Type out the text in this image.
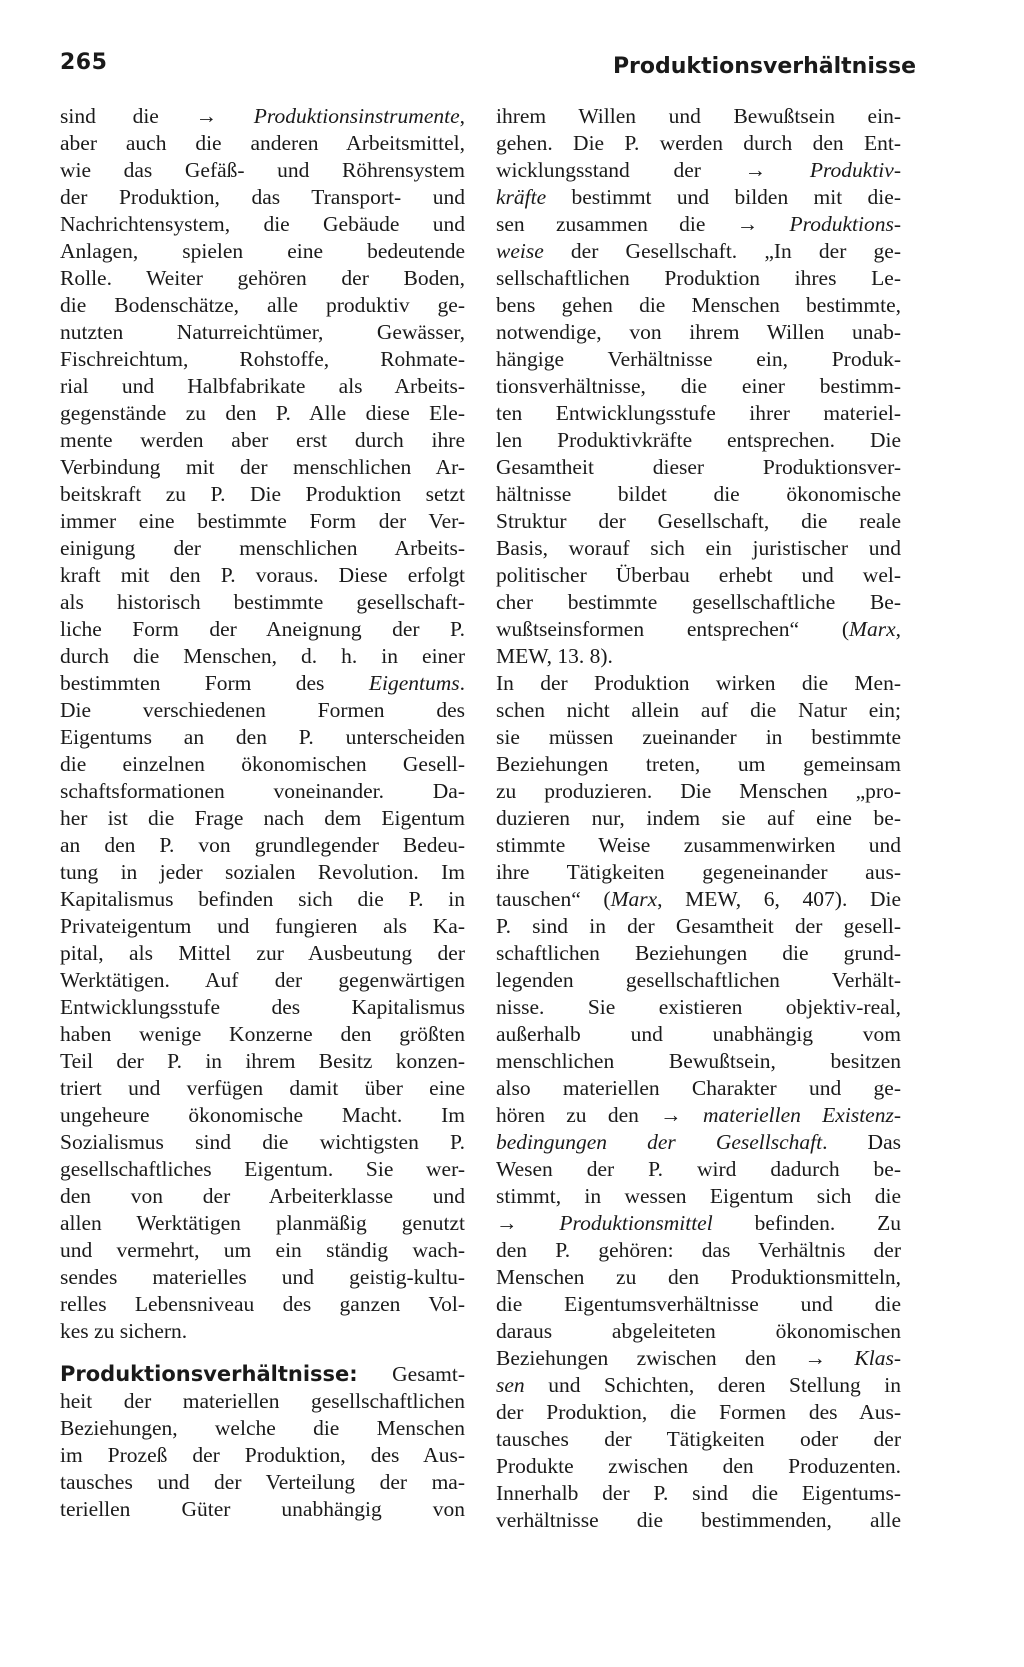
265	Produktionsverhältnisse
sind die → Produktionsinstrumente,
aber auch die anderen Arbeitsmittel,
wie das Gefäß- und Röhrensystem
der Produktion, das Transport- und
Nachrichtensystem, die Gebäude und
Anlagen, spielen eine bedeutende
Rolle. Weiter gehören der Boden,
die Bodenschätze, alle produktiv ge-
nutzten Naturreichtümer, Gewässer,
Fischreichtum, Rohstoffe, Rohmate-
rial und Halbfabrikate als Arbeits-
gegenstände zu den P. Alle diese Ele-
mente werden aber erst durch ihre
Verbindung mit der menschlichen Ar-
beitskraft zu P. Die Produktion setzt
immer eine bestimmte Form der Ver-
einigung der menschlichen Arbeits-
kraft mit den P. voraus. Diese erfolgt
als historisch bestimmte gesellschaft-
liche Form der Aneignung der P.
durch die Menschen, d. h. in einer
bestimmten Form des Eigentums.
Die verschiedenen Formen des
Eigentums an den P. unterscheiden
die einzelnen ökonomischen Gesell-
schaftsformationen voneinander. Da-
her ist die Frage nach dem Eigentum
an den P. von grundlegender Bedeu-
tung in jeder sozialen Revolution. Im
Kapitalismus befinden sich die P. in
Privateigentum und fungieren als Ka-
pital, als Mittel zur Ausbeutung der
Werktätigen. Auf der gegenwärtigen
Entwicklungsstufe des Kapitalismus
haben wenige Konzerne den größten
Teil der P. in ihrem Besitz konzen-
triert und verfügen damit über eine
ungeheure ökonomische Macht. Im
Sozialismus sind die wichtigsten P.
gesellschaftliches Eigentum. Sie wer-
den von der Arbeiterklasse und
allen Werktätigen planmäßig genutzt
und vermehrt, um ein ständig wach-
sendes materielles und geistig-kultu-
relles Lebensniveau des ganzen Vol-
kes zu sichern.
Produktionsverhältnisse: Gesamt-
heit der materiellen gesellschaftlichen
Beziehungen, welche die Menschen
im Prozeß der Produktion, des Aus-
tausches und der Verteilung der ma-
teriellen Güter unabhängig von
ihrem Willen und Bewußtsein ein-
gehen. Die P. werden durch den Ent-
wicklungsstand der → Produktiv-
kräfte bestimmt und bilden mit die-
sen zusammen die → Produktions-
weise der Gesellschaft. „In der ge-
sellschaftlichen Produktion ihres Le-
bens gehen die Menschen bestimmte,
notwendige, von ihrem Willen unab-
hängige Verhältnisse ein, Produk-
tionsverhältnisse, die einer bestimm-
ten Entwicklungsstufe ihrer materiel-
len Produktivkräfte entsprechen. Die
Gesamtheit dieser Produktionsver-
hältnisse bildet die ökonomische
Struktur der Gesellschaft, die reale
Basis, worauf sich ein juristischer und
politischer Überbau erhebt und wel-
cher bestimmte gesellschaftliche Be-
wußtseinsformen entsprechen“ (Marx,
MEW, 13. 8).
In der Produktion wirken die Men-
schen nicht allein auf die Natur ein;
sie müssen zueinander in bestimmte
Beziehungen treten, um gemeinsam
zu produzieren. Die Menschen „pro-
duzieren nur, indem sie auf eine be-
stimmte Weise zusammenwirken und
ihre Tätigkeiten gegeneinander aus-
tauschen“ (Marx, MEW, 6, 407). Die
P. sind in der Gesamtheit der gesell-
schaftlichen Beziehungen die grund-
legenden gesellschaftlichen Verhält-
nisse. Sie existieren objektiv-real,
außerhalb und unabhängig vom
menschlichen Bewußtsein, besitzen
also materiellen Charakter und ge-
hören zu den → materiellen Existenz-
bedingungen der Gesellschaft. Das
Wesen der P. wird dadurch be-
stimmt, in wessen Eigentum sich die
→ Produktionsmittel befinden. Zu
den P. gehören: das Verhältnis der
Menschen zu den Produktionsmitteln,
die Eigentumsverhältnisse und die
daraus abgeleiteten ökonomischen
Beziehungen zwischen den → Klas-
sen und Schichten, deren Stellung in
der Produktion, die Formen des Aus-
tausches der Tätigkeiten oder der
Produkte zwischen den Produzenten.
Innerhalb der P. sind die Eigentums-
verhältnisse die bestimmenden, alle
